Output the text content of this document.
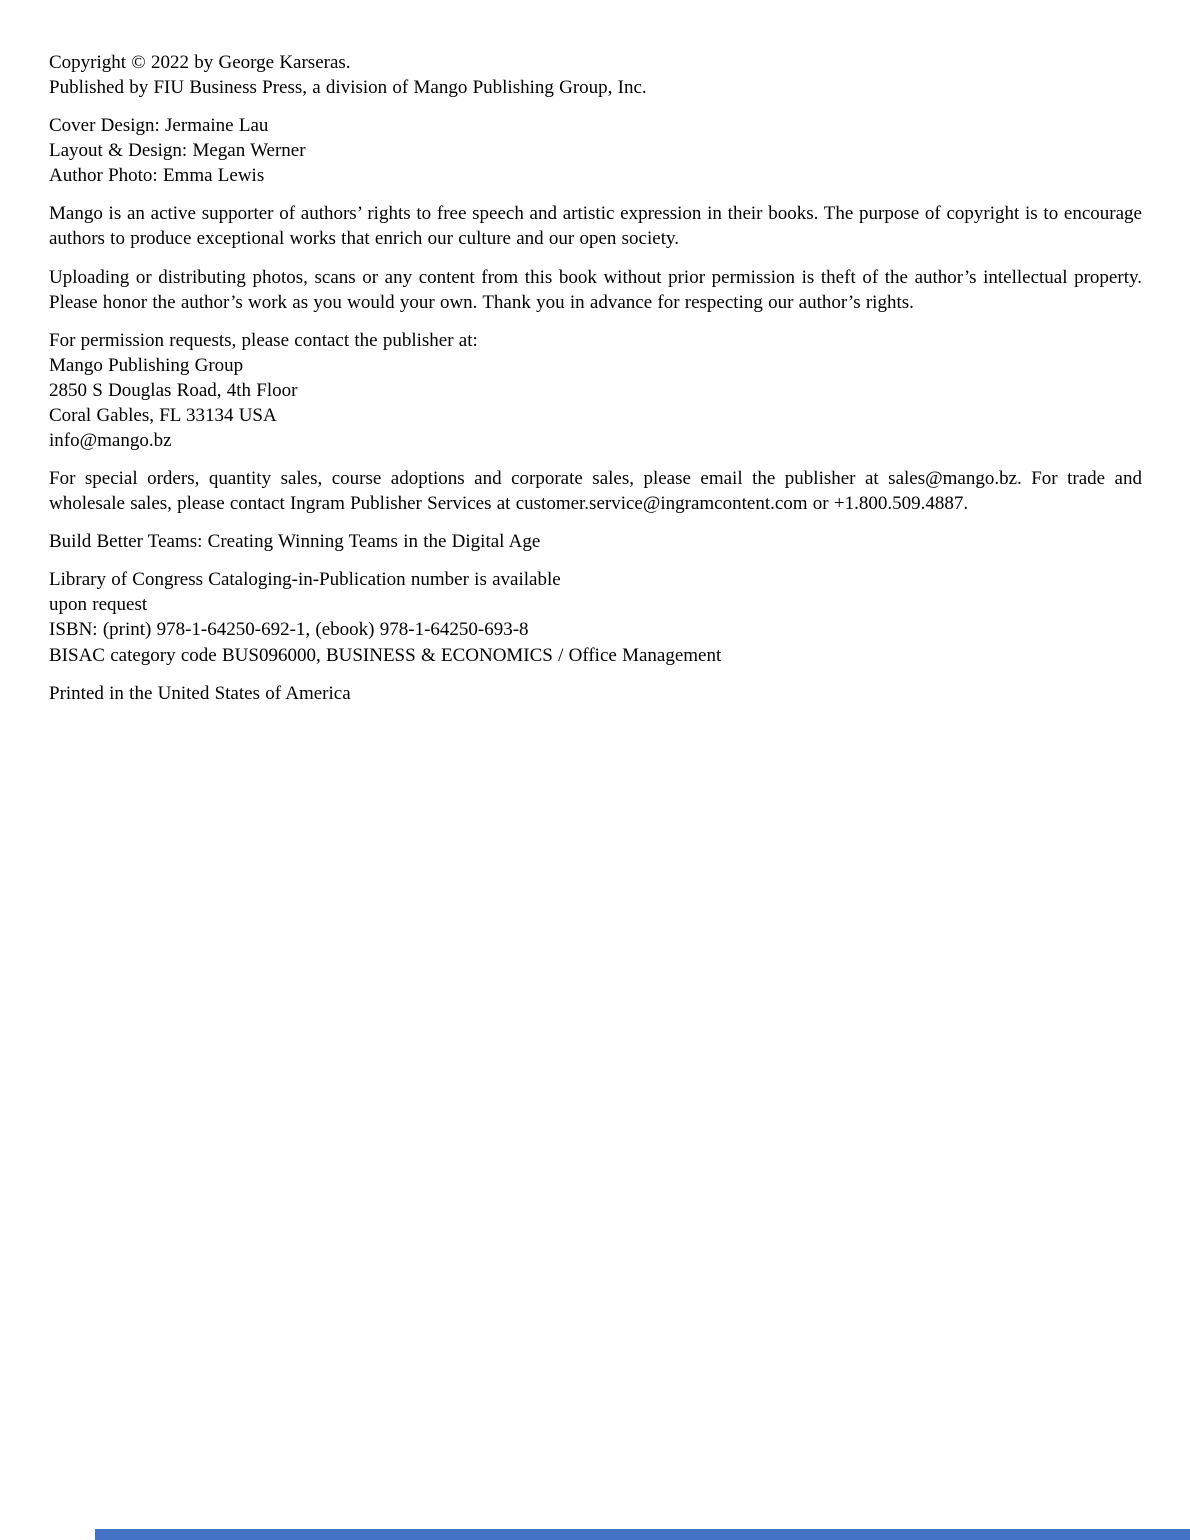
Copyright © 2022 by George Karseras.
Published by FIU Business Press, a division of Mango Publishing Group, Inc.

Cover Design: Jermaine Lau
Layout & Design: Megan Werner
Author Photo: Emma Lewis

Mango is an active supporter of authors’ rights to free speech and artistic expression in their books. The purpose of copyright is to encourage authors to produce exceptional works that enrich our culture and our open society.

Uploading or distributing photos, scans or any content from this book without prior permission is theft of the author’s intellectual property. Please honor the author’s work as you would your own. Thank you in advance for respecting our author’s rights.

For permission requests, please contact the publisher at:
Mango Publishing Group
2850 S Douglas Road, 4th Floor
Coral Gables, FL 33134 USA
info@mango.bz

For special orders, quantity sales, course adoptions and corporate sales, please email the publisher at sales@mango.bz. For trade and wholesale sales, please contact Ingram Publisher Services at customer.service@ingramcontent.com or +1.800.509.4887.

Build Better Teams: Creating Winning Teams in the Digital Age

Library of Congress Cataloging-in-Publication number is available
upon request
ISBN: (print) 978-1-64250-692-1, (ebook) 978-1-64250-693-8
BISAC category code BUS096000, BUSINESS & ECONOMICS / Office Management

Printed in the United States of America
